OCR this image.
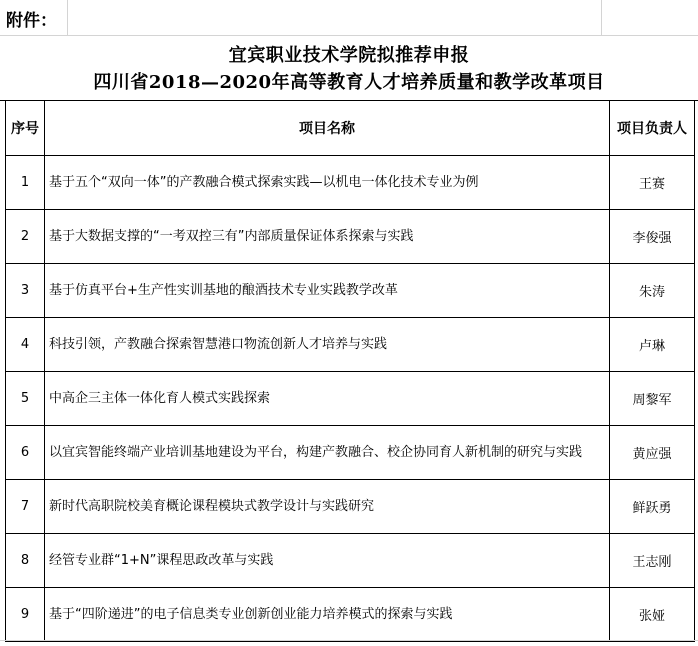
附件：
宜宾职业技术学院拟推荐申报
四川省2018—2020年高等教育人才培养质量和教学改革项目
序号	项目名称	项目负责人
1	基于五个“双向一体”的产教融合模式探索实践—以机电一体化技术专业为例	王赛
2	基于大数据支撑的“一考双控三有”内部质量保证体系探索与实践	李俊强
3	基于仿真平台+生产性实训基地的酿酒技术专业实践教学改革	朱涛
4	科技引领，产教融合探索智慧港口物流创新人才培养与实践	卢琳
5	中高企三主体一体化育人模式实践探索	周黎军
6	以宜宾智能终端产业培训基地建设为平台，构建产教融合、校企协同育人新机制的研究与实践	黄应强
7	新时代高职院校美育概论课程模块式教学设计与实践研究	鲜跃勇
8	经管专业群“1+N”课程思政改革与实践	王志刚
9	基于“四阶递进”的电子信息类专业创新创业能力培养模式的探索与实践	张娅
